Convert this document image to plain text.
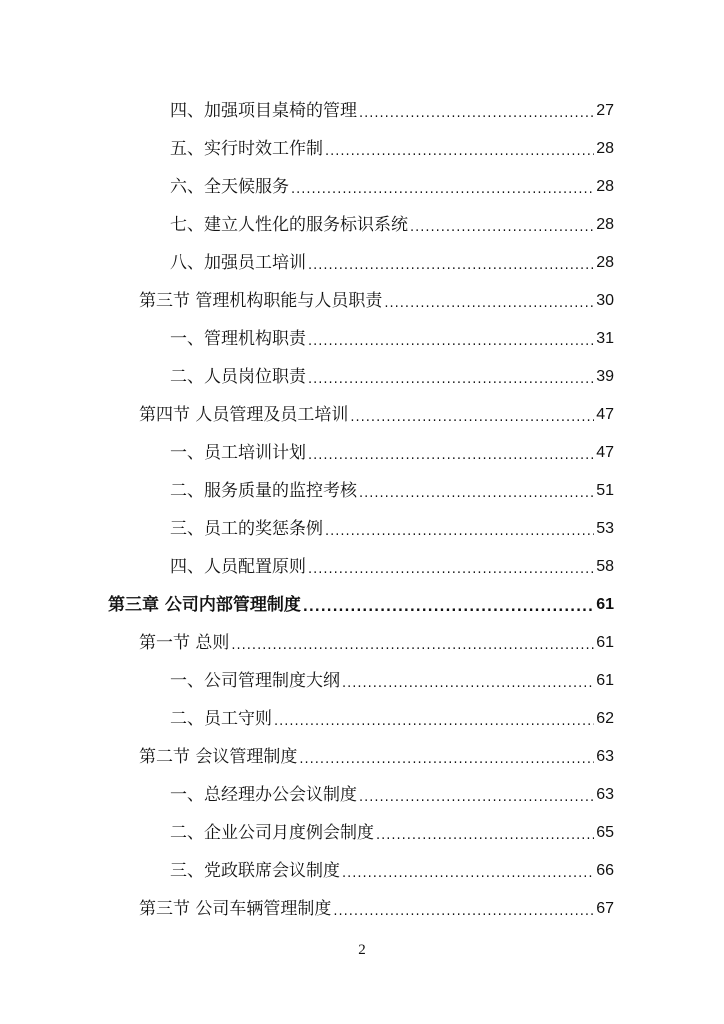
四、加强项目桌椅的管理 .....	27
五、实行时效工作制 .....	28
六、全天候服务 .....	28
七、建立人性化的服务标识系统 .....	28
八、加强员工培训 .....	28
第三节 管理机构职能与人员职责 .....	30
一、管理机构职责 .....	31
二、人员岗位职责 .....	39
第四节 人员管理及员工培训 .....	47
一、员工培训计划 .....	47
二、服务质量的监控考核 .....	51
三、员工的奖惩条例 .....	53
四、人员配置原则 .....	58
第三章 公司内部管理制度 .....	61
第一节 总则 .....	61
一、公司管理制度大纲 .....	61
二、员工守则 .....	62
第二节 会议管理制度 .....	63
一、总经理办公会议制度 .....	63
二、企业公司月度例会制度 .....	65
三、党政联席会议制度 .....	66
第三节 公司车辆管理制度 .....	67
2
